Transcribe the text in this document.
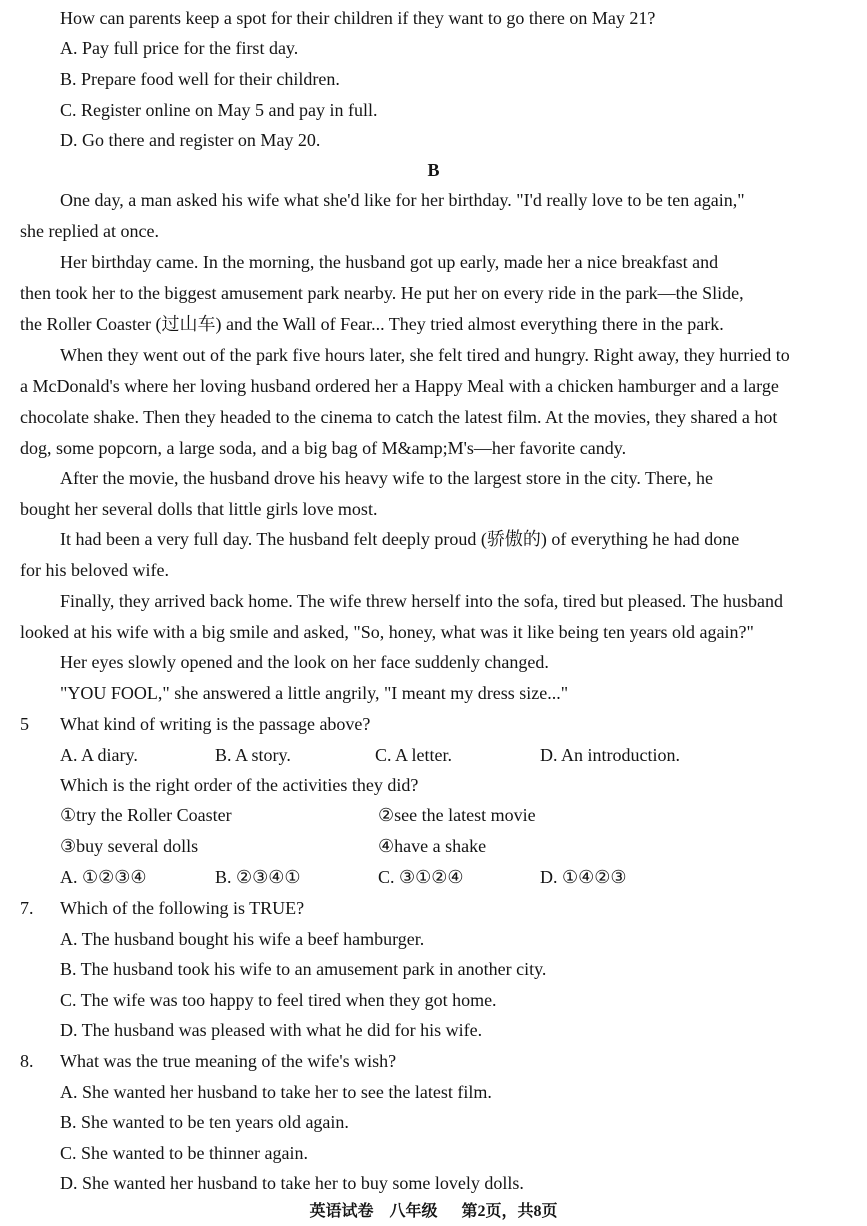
How can parents keep a spot for their children if they want to go there on May 21?
A. Pay full price for the first day.
B. Prepare food well for their children.
C. Register online on May 5 and pay in full.
D. Go there and register on May 20.
B
One day, a man asked his wife what she'd like for her birthday. "I'd really love to be ten again,"
she replied at once.
Her birthday came. In the morning, the husband got up early, made her a nice breakfast and
then took her to the biggest amusement park nearby. He put her on every ride in the park—the Slide,
the Roller Coaster (过山车) and the Wall of Fear... They tried almost everything there in the park.
When they went out of the park five hours later, she felt tired and hungry. Right away, they hurried to
a McDonald's where her loving husband ordered her a Happy Meal with a chicken hamburger and a large
chocolate shake. Then they headed to the cinema to catch the latest film. At the movies, they shared a hot
dog, some popcorn, a large soda, and a big bag of M&amp;M's—her favorite candy.
After the movie, the husband drove his heavy wife to the largest store in the city. There, he
bought her several dolls that little girls love most.
It had been a very full day. The husband felt deeply proud (骄傲的) of everything he had done
for his beloved wife.
Finally, they arrived back home. The wife threw herself into the sofa, tired but pleased. The husband
looked at his wife with a big smile and asked, "So, honey, what was it like being ten years old again?"
Her eyes slowly opened and the look on her face suddenly changed.
"YOU FOOL," she answered a little angrily, "I meant my dress size..."
5 What kind of writing is the passage above?
A. A diary.	B. A story.	C. A letter.	D. An introduction.
Which is the right order of the activities they did?
①try the Roller Coaster	②see the latest movie
③buy several dolls	④have a shake
A. ①②③④	B. ②③④①	C. ③①②④	D. ①④②③
7. Which of the following is TRUE?
A. The husband bought his wife a beef hamburger.
B. The husband took his wife to an amusement park in another city.
C. The wife was too happy to feel tired when they got home.
D. The husband was pleased with what he did for his wife.
8. What was the true meaning of the wife's wish?
A. She wanted her husband to take her to see the latest film.
B. She wanted to be ten years old again.
C. She wanted to be thinner again.
D. She wanted her husband to take her to buy some lovely dolls.
英语试卷    八年级      第2页，共8页
